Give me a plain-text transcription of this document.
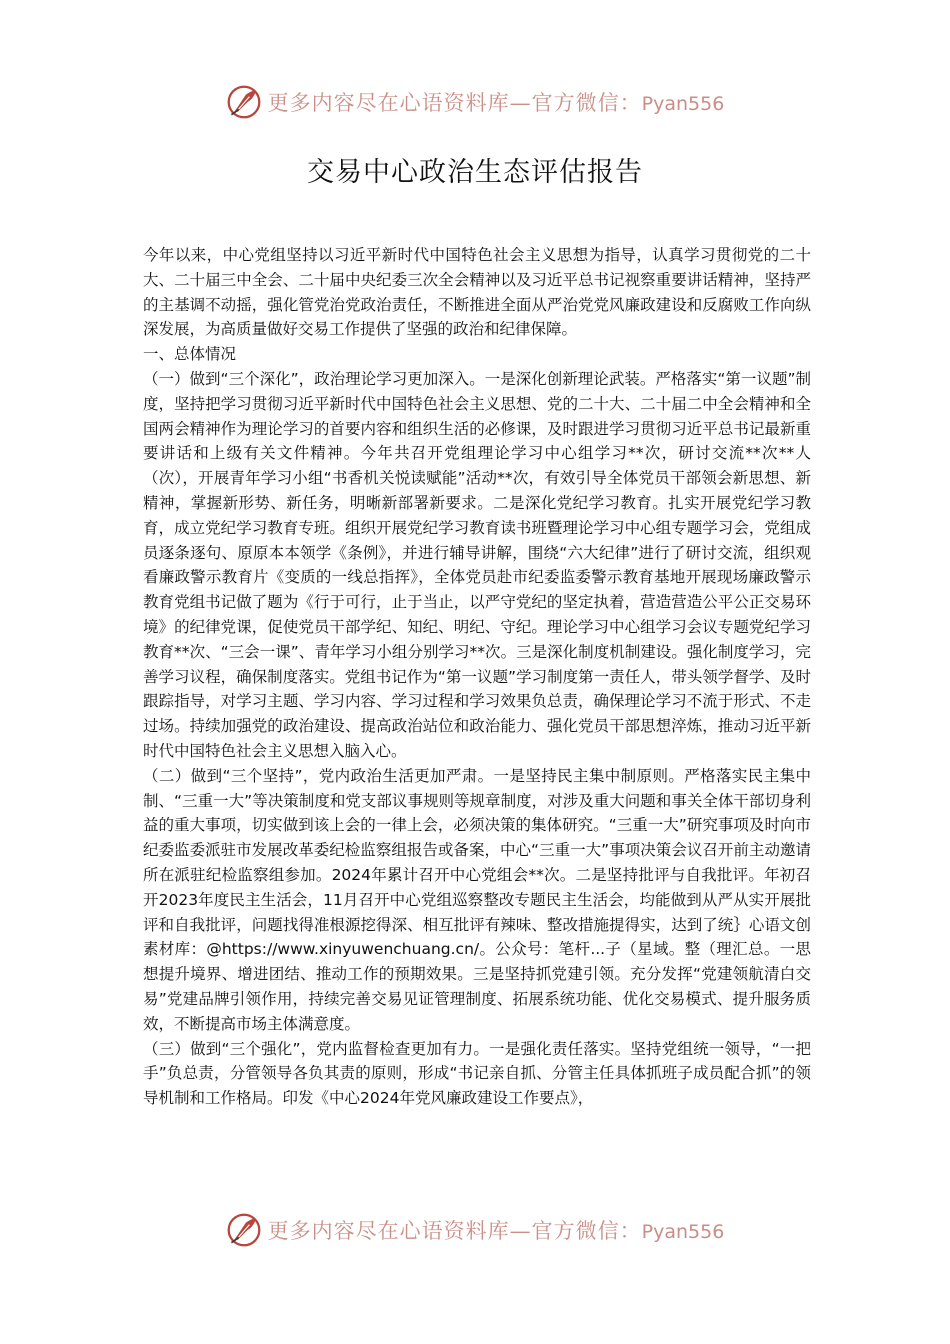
更多内容尽在心语资料库—官方微信：Pyan556
交易中心政治生态评估报告

今年以来，中心党组坚持以习近平新时代中国特色社会主义思想为指导，认真学习贯彻党的二十大、二十届三中全会、二十届中央纪委三次全会精神以及习近平总书记视察重要讲话精神，坚持严的主基调不动摇，强化管党治党政治责任，不断推进全面从严治党党风廉政建设和反腐败工作向纵深发展，为高质量做好交易工作提供了坚强的政治和纪律保障。

一、总体情况

（一）做到“三个深化”，政治理论学习更加深入。一是深化创新理论武装。严格落实“第一议题”制度，坚持把学习贯彻习近平新时代中国特色社会主义思想、党的二十大、二十届二中全会精神和全国两会精神作为理论学习的首要内容和组织生活的必修课，及时跟进学习贯彻习近平总书记最新重要讲话和上级有关文件精神。今年共召开党组理论学习中心组学习**次，研讨交流**次**人（次），开展青年学习小组“书香机关悦读赋能”活动**次，有效引导全体党员干部领会新思想、新精神，掌握新形势、新任务，明晰新部署新要求。二是深化党纪学习教育。扎实开展党纪学习教育，成立党纪学习教育专班。组织开展党纪学习教育读书班暨理论学习中心组专题学习会，党组成员逐条逐句、原原本本领学《条例》，并进行辅导讲解，围绕“六大纪律”进行了研讨交流，组织观看廉政警示教育片《变质的一线总指挥》，全体党员赴市纪委监委警示教育基地开展现场廉政警示教育党组书记做了题为《行于可行，止于当止，以严守党纪的坚定执着，营造营造公平公正交易环境》的纪律党课，促使党员干部学纪、知纪、明纪、守纪。理论学习中心组学习会议专题党纪学习教育**次、“三会一课”、青年学习小组分别学习**次。三是深化制度机制建设。强化制度学习，完善学习议程，确保制度落实。党组书记作为“第一议题”学习制度第一责任人，带头领学督学、及时跟踪指导，对学习主题、学习内容、学习过程和学习效果负总责，确保理论学习不流于形式、不走过场。持续加强党的政治建设、提高政治站位和政治能力、强化党员干部思想淬炼，推动习近平新时代中国特色社会主义思想入脑入心。

（二）做到“三个坚持”，党内政治生活更加严肃。一是坚持民主集中制原则。严格落实民主集中制、“三重一大”等决策制度和党支部议事规则等规章制度，对涉及重大问题和事关全体干部切身利益的重大事项，切实做到该上会的一律上会，必须决策的集体研究。“三重一大”研究事项及时向市纪委监委派驻市发展改革委纪检监察组报告或备案，中心“三重一大”事项决策会议召开前主动邀请所在派驻纪检监察组参加。2024年累计召开中心党组会**次。二是坚持批评与自我批评。年初召开2023年度民主生活会，11月召开中心党组巡察整改专题民主生活会，均能做到从严从实开展批评和自我批评，问题找得准根源挖得深、相互批评有辣味、整改措施提得实，达到了统｝心语文创素材库：@https://www.xinyuwenchuang.cn/。公众号：笔杆...子（星域。整（理汇总。一思想提升境界、增进团结、推动工作的预期效果。三是坚持抓党建引领。充分发挥“党建领航清白交易”党建品牌引领作用，持续完善交易见证管理制度、拓展系统功能、优化交易模式、提升服务质效，不断提高市场主体满意度。

（三）做到“三个强化”，党内监督检查更加有力。一是强化责任落实。坚持党组统一领导，“一把手”负总责，分管领导各负其责的原则，形成“书记亲自抓、分管主任具体抓班子成员配合抓”的领导机制和工作格局。印发《中心2024年党风廉政建设工作要点》，

更多内容尽在心语资料库—官方微信：Pyan556
